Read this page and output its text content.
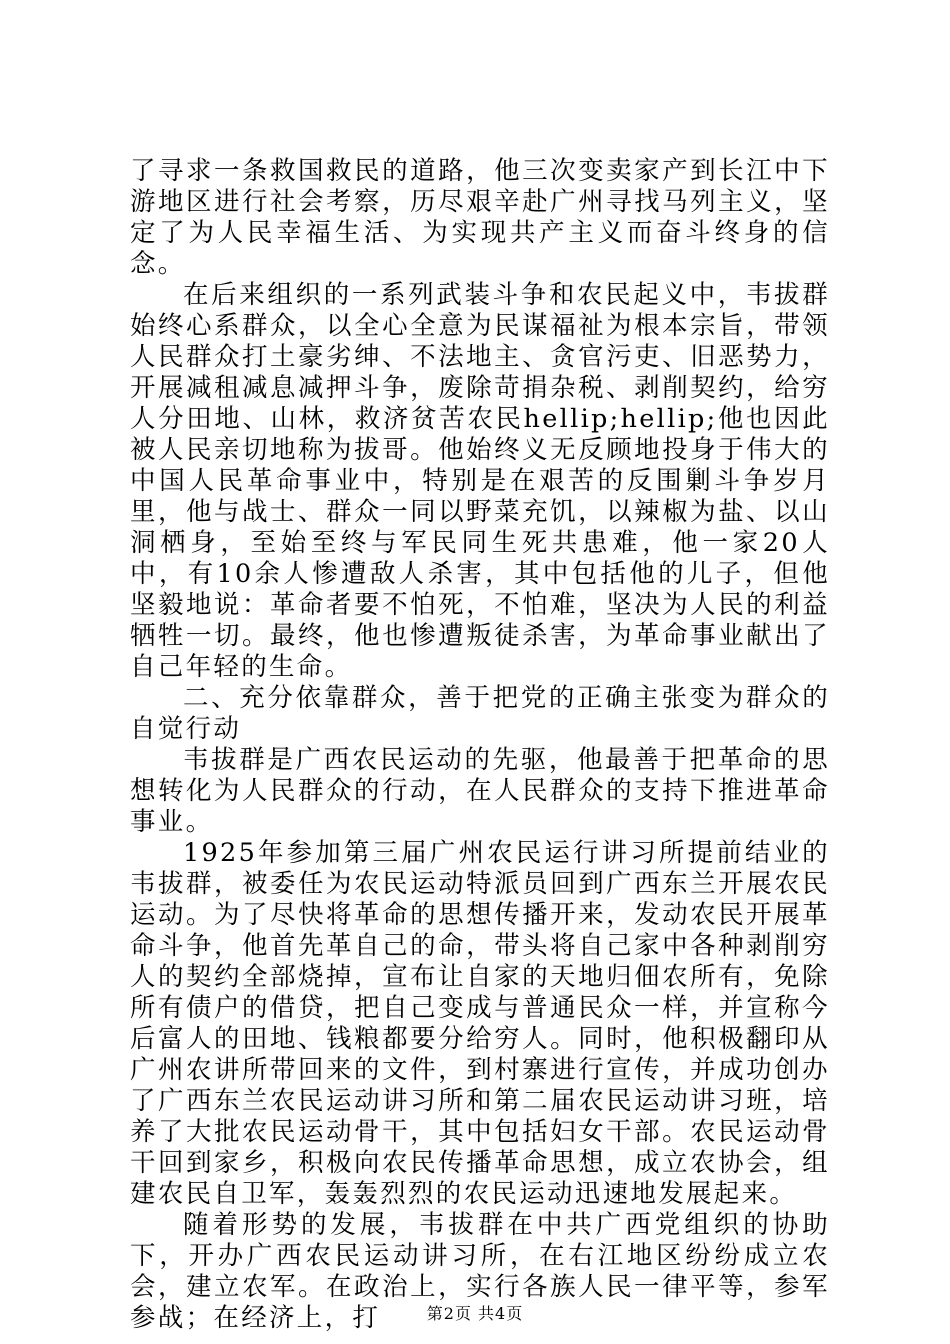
了寻求一条救国救民的道路，他三次变卖家产到长江中下游地区进行社会考察，历尽艰辛赴广州寻找马列主义，坚定了为人民幸福生活、为实现共产主义而奋斗终身的信念。

在后来组织的一系列武装斗争和农民起义中，韦拔群始终心系群众，以全心全意为民谋福祉为根本宗旨，带领人民群众打土豪劣绅、不法地主、贪官污吏、旧恶势力，开展减租减息减押斗争，废除苛捐杂税、剥削契约，给穷人分田地、山林，救济贫苦农民hellip;hellip;他也因此被人民亲切地称为拔哥。他始终义无反顾地投身于伟大的中国人民革命事业中，特别是在艰苦的反围剿斗争岁月里，他与战士、群众一同以野菜充饥，以辣椒为盐、以山洞栖身，至始至终与军民同生死共患难，他一家20人中，有10余人惨遭敌人杀害，其中包括他的儿子，但他坚毅地说：革命者要不怕死，不怕难，坚决为人民的利益牺牲一切。最终，他也惨遭叛徒杀害，为革命事业献出了自己年轻的生命。

二、充分依靠群众，善于把党的正确主张变为群众的自觉行动

韦拔群是广西农民运动的先驱，他最善于把革命的思想转化为人民群众的行动，在人民群众的支持下推进革命事业。

1925年参加第三届广州农民运行讲习所提前结业的韦拔群，被委任为农民运动特派员回到广西东兰开展农民运动。为了尽快将革命的思想传播开来，发动农民开展革命斗争，他首先革自己的命，带头将自己家中各种剥削穷人的契约全部烧掉，宣布让自家的天地归佃农所有，免除所有债户的借贷，把自己变成与普通民众一样，并宣称今后富人的田地、钱粮都要分给穷人。同时，他积极翻印从广州农讲所带回来的文件，到村寨进行宣传，并成功创办了广西东兰农民运动讲习所和第二届农民运动讲习班，培养了大批农民运动骨干，其中包括妇女干部。农民运动骨干回到家乡，积极向农民传播革命思想，成立农协会，组建农民自卫军，轰轰烈烈的农民运动迅速地发展起来。

随着形势的发展，韦拔群在中共广西党组织的协助下，开办广西农民运动讲习所，在右江地区纷纷成立农会，建立农军。在政治上，实行各族人民一律平等，参军参战；在经济上，打	第2页 共4页
